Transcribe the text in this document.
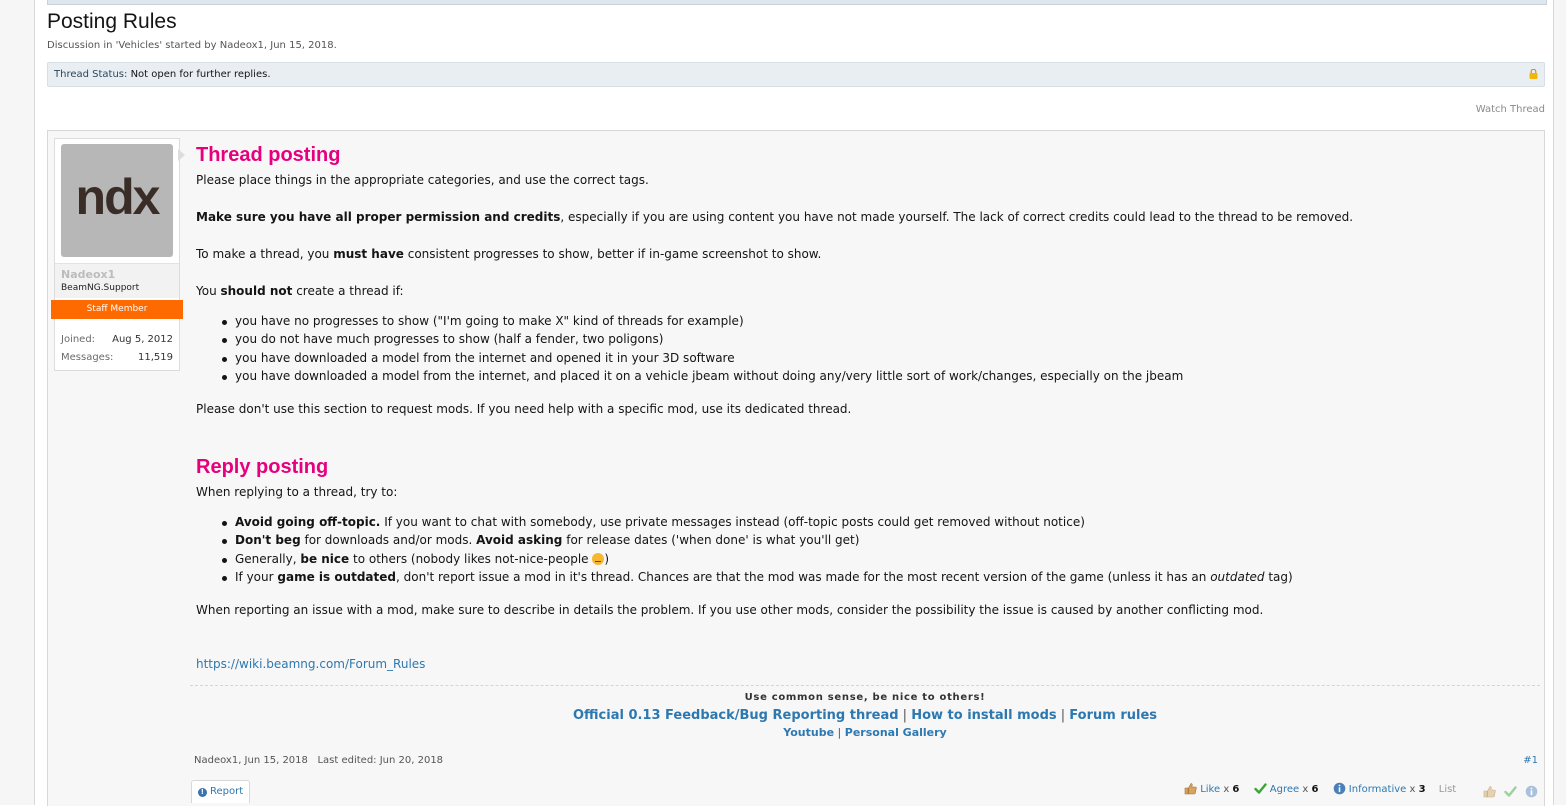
Posting Rules
Discussion in 'Vehicles' started by Nadeox1, Jun 15, 2018.
Thread Status: Not open for further replies.
Watch Thread
ndx
Nadeox1
BeamNG.Support
Staff Member
Joined: Aug 5, 2012
Messages: 11,519
Thread posting

Please place things in the appropriate categories, and use the correct tags.

Make sure you have all proper permission and credits, especially if you are using content you have not made yourself. The lack of correct credits could lead to the thread to be removed.

To make a thread, you must have consistent progresses to show, better if in-game screenshot to show.

You should not create a thread if:

you have no progresses to show ("I'm going to make X" kind of threads for example)
you do not have much progresses to show (half a fender, two poligons)
you have downloaded a model from the internet and opened it in your 3D software
you have downloaded a model from the internet, and placed it on a vehicle jbeam without doing any/very little sort of work/changes, especially on the jbeam

Please don't use this section to request mods. If you need help with a specific mod, use its dedicated thread.

Reply posting

When replying to a thread, try to:

Avoid going off-topic. If you want to chat with somebody, use private messages instead (off-topic posts could get removed without notice)
Don't beg for downloads and/or mods. Avoid asking for release dates ('when done' is what you'll get)
Generally, be nice to others (nobody likes not-nice-people )
If your game is outdated, don't report issue a mod in it's thread. Chances are that the mod was made for the most recent version of the game (unless it has an outdated tag)

When reporting an issue with a mod, make sure to describe in details the problem. If you use other mods, consider the possibility the issue is caused by another conflicting mod.

https://wiki.beamng.com/Forum_Rules
Use common sense, be nice to others!
Official 0.13 Feedback/Bug Reporting thread | How to install mods | Forum rules
Youtube | Personal Gallery
Nadeox1, Jun 15, 2018 Last edited: Jun 20, 2018	#1
! Report	Like x 6	Agree x 6	Informative x 3 List
